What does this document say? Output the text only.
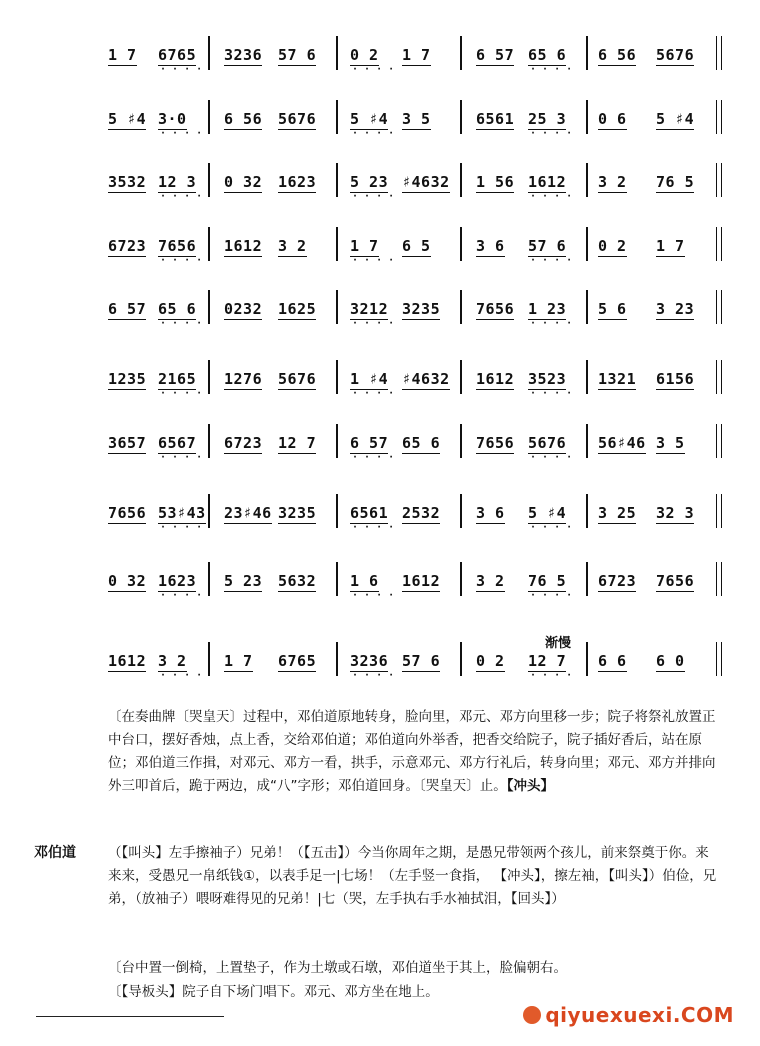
1 7 · · · · 6765 3236 57 6 · · · · 0 2 1 7	6 57 · · · · 65 6 6 56 5676
5 ♯4 · · · · 3·0 6 56 5676 · · · · 5 ♯4 3 5	6561 · · · · 25 3 0 6 5 ♯4
3532 · · · · 12 3 0 32 1623 · · · · 5 23 ♯4632 1 56 · · · · 1612 3 2 76 5
6723 · · · · 7656 1612 3 2	· · · · 1 7 6 5	3 6 · · · · 57 6 0 2 1 7
6 57 · · · · 65 6 0232 1625 · · · · 3212 3235 7656 · · · · 1 23 5 6 3 23
1235 · · · · 2165 1276 5676 · · · · 1 ♯4 ♯4632 1612 · · · · 3523 1321 6156
3657 · · · · 6567 6723 12 7 · · · · 6 57 65 6 7656 · · · · 5676 56♯46 3 5
7656 · · · · 53♯43 23♯46 3235 · · · · 6561 2532 3 6 · · · · 5 ♯4 3 25 32 3
0 32 · · · · 1623 5 23 5632 · · · · 1 6 1612 3 2 · · · · 76 5 6723 7656
1612 · · · · 3 2 1 7 6765 · · · · 3236 57 6 0 2 · · · · 12 7 6 6 6 0
渐慢
〔在奏曲牌〔哭皇天〕过程中，邓伯道原地转身，脸向里，邓元、邓方向里移一步；院子将祭礼放置正中台口，摆好香烛，点上香，交给邓伯道；邓伯道向外举香，把香交给院子，院子插好香后，站在原位；邓伯道三作揖，对邓元、邓方一看，拱手，示意邓元、邓方行礼后，转身向里；邓元、邓方并排向外三叩首后，跪于两边，成“八”字形；邓伯道回身。〔哭皇天〕止。【冲头】
邓伯道 （【叫头】左手擦袖子）兄弟！（【五击】）今当你周年之期，是愚兄带领两个孩儿，前来祭奠于你。来来来，受愚兄一帛纸钱①，以表手足一|七场！（左手竖一食指， 【冲头】，擦左袖，【叫头】）伯俭，兄弟，（放袖子）喂呀难得见的兄弟！|七（哭，左手执右手水袖拭泪，【回头】）
〔台中置一倒椅，上置垫子，作为土墩或石墩，邓伯道坐于其上，脸偏朝右。
〔【导板头】院子自下场门唱下。邓元、邓方坐在地上。
qiyuexuexi.COM
